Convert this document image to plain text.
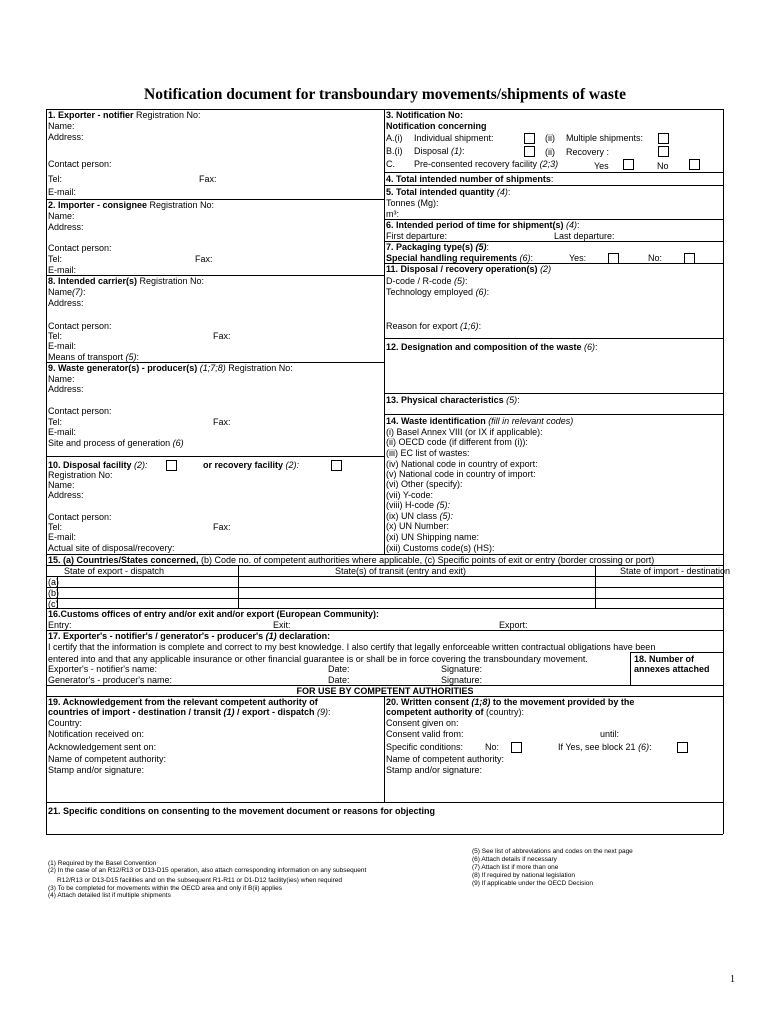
Notification document for transboundary movements/shipments of waste
1. Exporter - notifier Registration No:
Name:
Address:
Contact person:
Tel:	Fax:
E-mail:
2. Importer - consignee Registration No:
Name:
Address:
Contact person:
Tel:	Fax:
E-mail:
8. Intended carrier(s) Registration No:
Name(7):
Address:
Contact person:
Tel:	Fax:
E-mail:
Means of transport (5):
9. Waste generator(s) - producer(s) (1;7;8) Registration No:
Name:
Address:
Contact person:
Tel:	Fax:
E-mail:
Site and process of generation (6)
10. Disposal facility (2):	or recovery facility (2):
Registration No:
Name:
Address:
Contact person:
Tel:	Fax:
E-mail:
Actual site of disposal/recovery:
3. Notification No:
Notification concerning
A.(i) Individual shipment:	(ii) Multiple shipments:
B.(i) Disposal (1):	(ii) Recovery :
C. Pre-consented recovery facility (2;3)	Yes	No
4. Total intended number of shipments:
5. Total intended quantity (4):
Tonnes (Mg):
m³:
6. Intended period of time for shipment(s) (4):
First departure:	Last departure:
7. Packaging type(s) (5):
Special handling requirements (6):	Yes:	No:
11. Disposal / recovery operation(s) (2)
D-code / R-code (5):
Technology employed (6):
Reason for export (1;6):
12. Designation and composition of the waste (6):
13. Physical characteristics (5):
14. Waste identification (fill in relevant codes)
(i) Basel Annex VIII (or IX if applicable):
(ii) OECD code (if different from (i)):
(iii) EC list of wastes:
(iv) National code in country of export:
(v) National code in country of import:
(vi) Other (specify):
(vii) Y-code:
(viii) H-code (5):
(ix) UN class (5):
(x) UN Number:
(xi) UN Shipping name:
(xii) Customs code(s) (HS):
15. (a) Countries/States concerned, (b) Code no. of competent authorities where applicable, (c) Specific points of exit or entry (border crossing or port)
State of export - dispatch	State(s) of transit (entry and exit)	State of import - destination
(a)
(b)
(c)
16.Customs offices of entry and/or exit and/or export (European Community):
Entry:	Exit:	Export:
17. Exporter's - notifier's / generator's - producer's (1) declaration:
I certify that the information is complete and correct to my best knowledge. I also certify that legally enforceable written contractual obligations have been
entered into and that any applicable insurance or other financial guarantee is or shall be in force covering the transboundary movement.
Exporter's - notifier's name:	Date:	Signature:
Generator's - producer's name:	Date:	Signature:
18. Number of
annexes attached
FOR USE BY COMPETENT AUTHORITIES
19. Acknowledgement from the relevant competent authority of
countries of import - destination / transit (1) / export - dispatch (9):
Country:
Notification received on:
Acknowledgement sent on:
Name of competent authority:
Stamp and/or signature:
20. Written consent (1;8) to the movement provided by the
competent authority of (country):
Consent given on:
Consent valid from:	until:
Specific conditions: No:	If Yes, see block 21 (6):
Name of competent authority:
Stamp and/or signature:
21. Specific conditions on consenting to the movement document or reasons for objecting
(1) Required by the Basel Convention
(2) In the case of an R12/R13 or D13-D15 operation, also attach corresponding information on any subsequent
R12/R13 or D13-D15 facilities and on the subsequent R1-R11 or D1-D12 facility(ies) when required
(3) To be completed for movements within the OECD area and only if B(ii) applies
(4) Attach detailed list if multiple shipments
(5) See list of abbreviations and codes on the next page
(6) Attach details if necessary
(7) Attach list if more than one
(8) If required by national legislation
(9) If applicable under the OECD Decision
1
